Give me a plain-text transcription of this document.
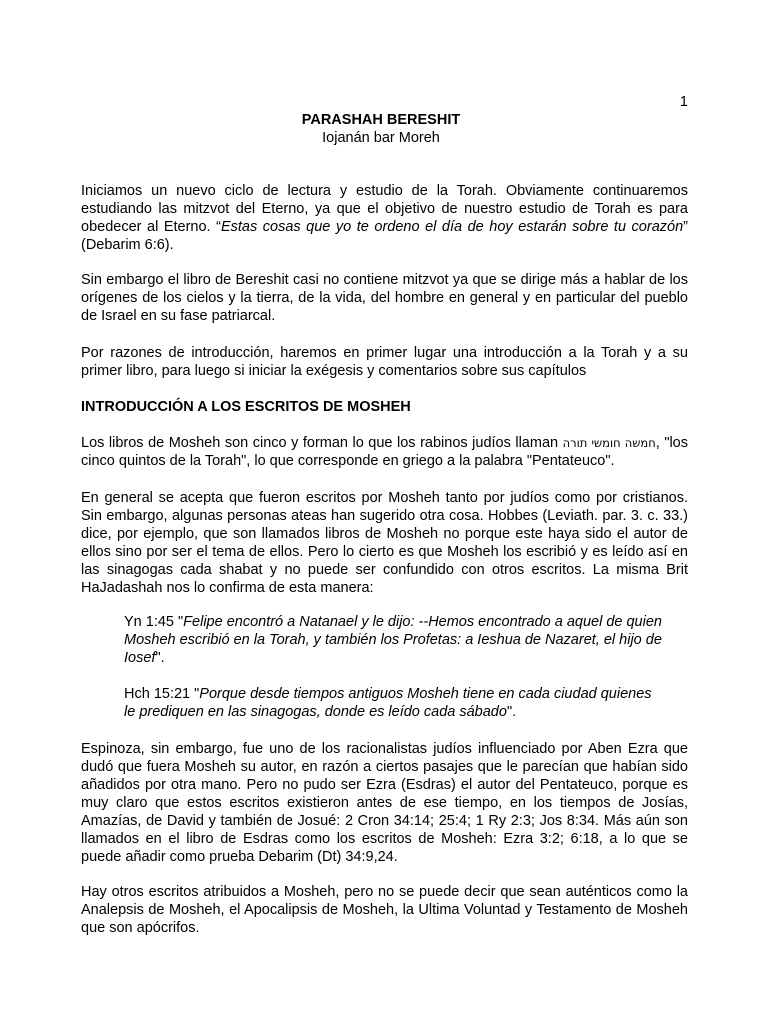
1
PARASHAH BERESHIT
Iojanán bar Moreh

Iniciamos un nuevo ciclo de lectura y estudio de la Torah. Obviamente continuaremos estudiando las mitzvot del Eterno, ya que el objetivo de nuestro estudio de Torah es para obedecer al Eterno. “Estas cosas que yo te ordeno el día de hoy estarán sobre tu corazón” (Debarim 6:6).

Sin embargo el libro de Bereshit casi no contiene mitzvot ya que se dirige más a hablar de los orígenes de los cielos y la tierra, de la vida, del hombre en general y en particular del pueblo de Israel en su fase patriarcal.

Por razones de introducción, haremos en primer lugar una introducción a la Torah y a su primer libro, para luego si iniciar la exégesis y comentarios sobre sus capítulos

INTRODUCCIÓN A LOS ESCRITOS DE MOSHEH

Los libros de Mosheh son cinco y forman lo que los rabinos judíos llaman חמשה חומשי תורה, "los cinco quintos de la Torah", lo que corresponde en griego a la palabra "Pentateuco".

En general se acepta que fueron escritos por Mosheh tanto por judíos como por cristianos. Sin embargo, algunas personas ateas han sugerido otra cosa. Hobbes (Leviath. par. 3. c. 33.) dice, por ejemplo, que son llamados libros de Mosheh no porque este haya sido el autor de ellos sino por ser el tema de ellos. Pero lo cierto es que Mosheh los escribió y es leído así en las sinagogas cada shabat y no puede ser confundido con otros escritos. La misma Brit HaJadashah nos lo confirma de esta manera:

Yn 1:45 "Felipe encontró a Natanael y le dijo: --Hemos encontrado a aquel de quien Mosheh escribió en la Torah, y también los Profetas: a Ieshua de Nazaret, el hijo de Iosef".

Hch 15:21 "Porque desde tiempos antiguos Mosheh tiene en cada ciudad quienes le prediquen en las sinagogas, donde es leído cada sábado".

Espinoza, sin embargo, fue uno de los racionalistas judíos influenciado por Aben Ezra que dudó que fuera Mosheh su autor, en razón a ciertos pasajes que le parecían que habían sido añadidos por otra mano. Pero no pudo ser Ezra (Esdras) el autor del Pentateuco, porque es muy claro que estos escritos existieron antes de ese tiempo, en los tiempos de Josías, Amazías, de David y también de Josué: 2 Cron 34:14; 25:4; 1 Ry 2:3; Jos 8:34. Más aún son llamados en el libro de Esdras como los escritos de Mosheh: Ezra 3:2; 6:18, a lo que se puede añadir como prueba Debarim (Dt) 34:9,24.

Hay otros escritos atribuidos a Mosheh, pero no se puede decir que sean auténticos como la Analepsis de Mosheh, el Apocalipsis de Mosheh, la Ultima Voluntad y Testamento de Mosheh que son apócrifos.
